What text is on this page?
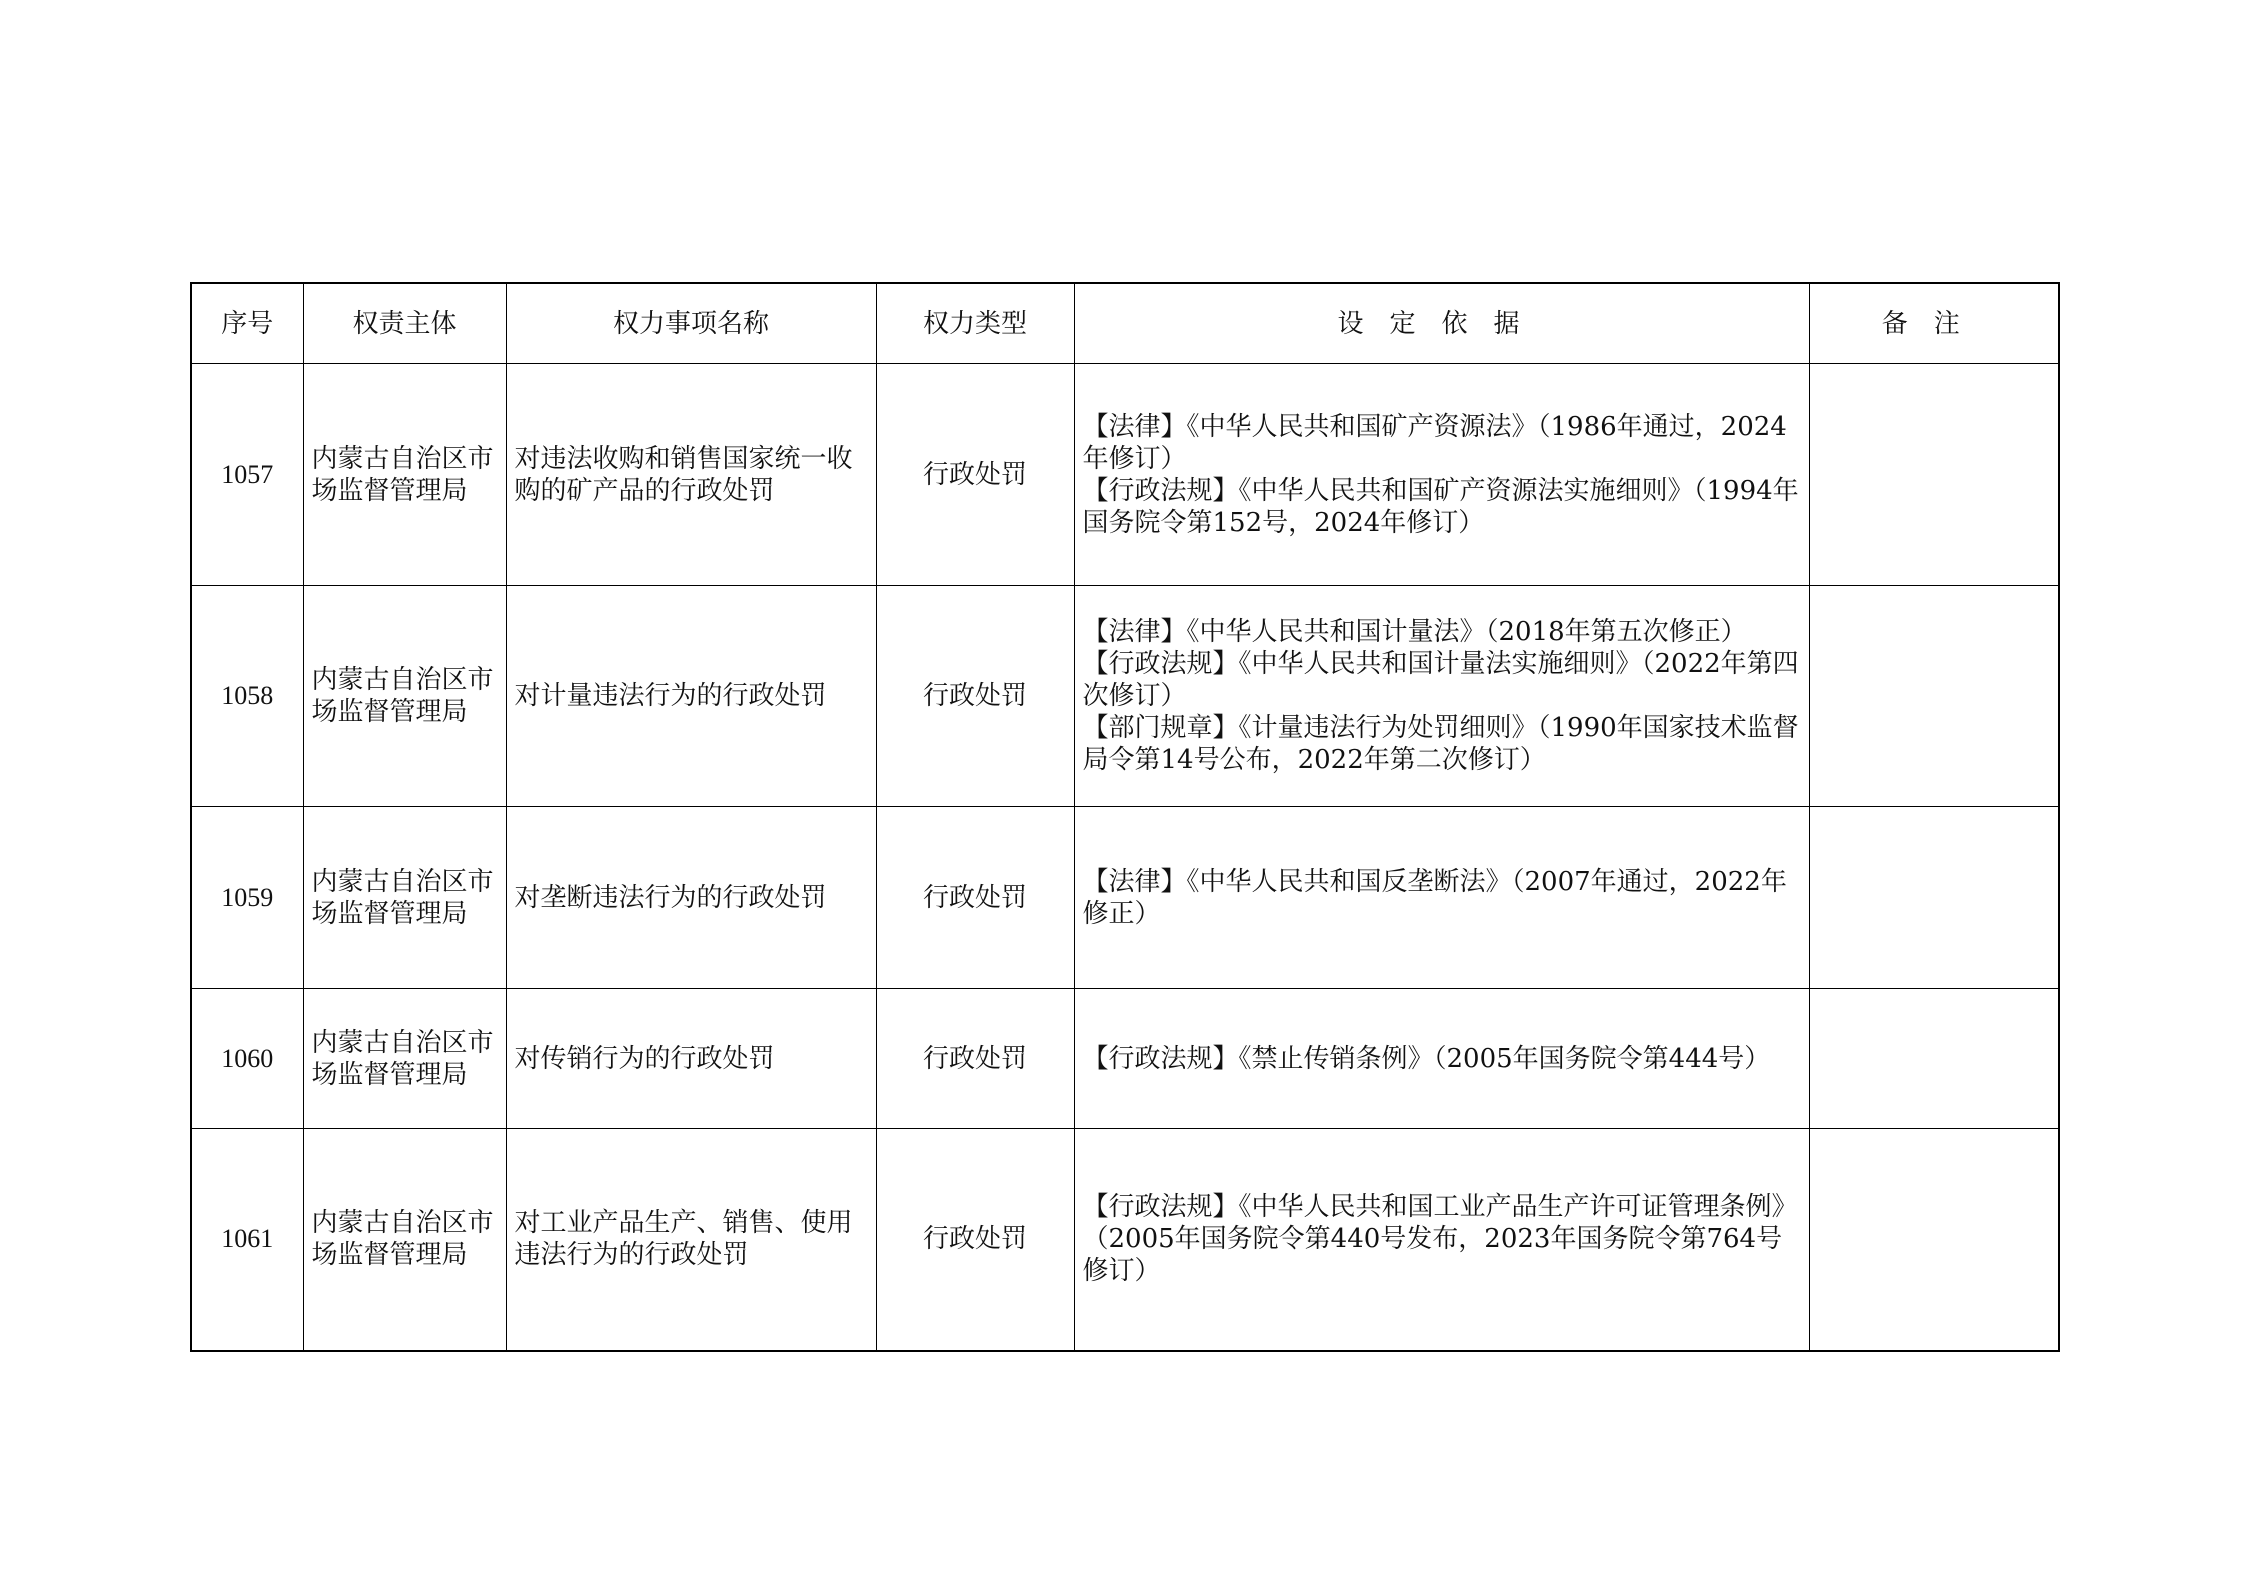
序号	权责主体	权力事项名称	权力类型	设定依据	备注
1057	内蒙古自治区市场监督管理局	对违法收购和销售国家统一收购的矿产品的行政处罚	行政处罚	【法律】《中华人民共和国矿产资源法》（1986年通过，2024年修订）
【行政法规】《中华人民共和国矿产资源法实施细则》（1994年国务院令第152号，2024年修订）	

1058	内蒙古自治区市场监督管理局	对计量违法行为的行政处罚	行政处罚	【法律】《中华人民共和国计量法》（2018年第五次修正）
【行政法规】《中华人民共和国计量法实施细则》（2022年第四次修订）
【部门规章】《计量违法行为处罚细则》（1990年国家技术监督局令第14号公布，2022年第二次修订）	

1059	内蒙古自治区市场监督管理局	对垄断违法行为的行政处罚	行政处罚	【法律】《中华人民共和国反垄断法》（2007年通过，2022年修正）	

1060	内蒙古自治区市场监督管理局	对传销行为的行政处罚	行政处罚	【行政法规】《禁止传销条例》（2005年国务院令第444号）	

1061	内蒙古自治区市场监督管理局	对工业产品生产、销售、使用违法行为的行政处罚	行政处罚	【行政法规】《中华人民共和国工业产品生产许可证管理条例》（2005年国务院令第440号发布，2023年国务院令第764号修订）	
